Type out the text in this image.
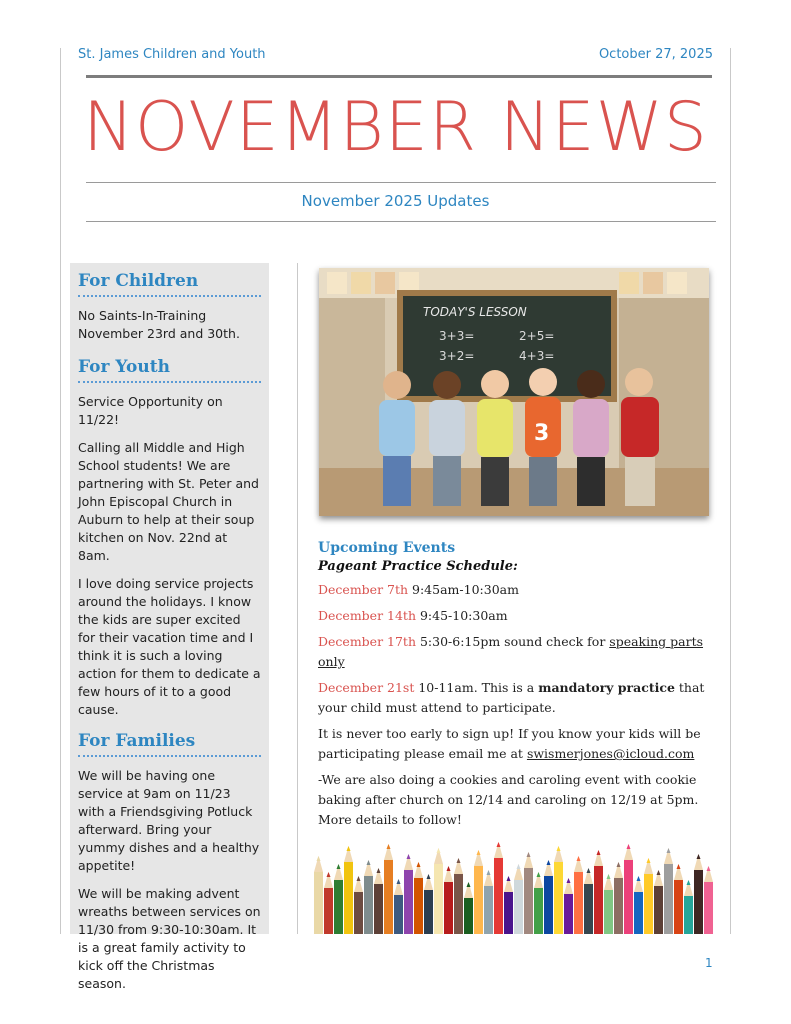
St. James Children and Youth	October 27, 2025
NOVEMBER NEWS
November 2025 Updates
For Children
No Saints-In-Training November 23rd and 30th.
For Youth
Service Opportunity on 11/22!
Calling all Middle and High School students! We are partnering with St. Peter and John Episcopal Church in Auburn to help at their soup kitchen on Nov. 22nd at 8am.
I love doing service projects around the holidays. I know the kids are super excited for their vacation time and I think it is such a loving action for them to dedicate a few hours of it to a good cause.
For Families
We will be having one service at 9am on 11/23 with a Friendsgiving Potluck afterward. Bring your yummy dishes and a healthy appetite!
We will be making advent wreaths between services on 11/30 from 9:30-10:30am. It is a great family activity to kick off the Christmas season.
TODAY'S LESSON
3+3=	2+5=
3+2=	4+3=
3
Upcoming Events
Pageant Practice Schedule:
December 7th 9:45am-10:30am
December 14th 9:45-10:30am
December 17th 5:30-6:15pm sound check for speaking parts only
December 21st 10-11am. This is a mandatory practice that your child must attend to participate.
It is never too early to sign up! If you know your kids will be participating please email me at swismerjones@icloud.com
-We are also doing a cookies and caroling event with cookie baking after church on 12/14 and caroling on 12/19 at 5pm. More details to follow!
1
